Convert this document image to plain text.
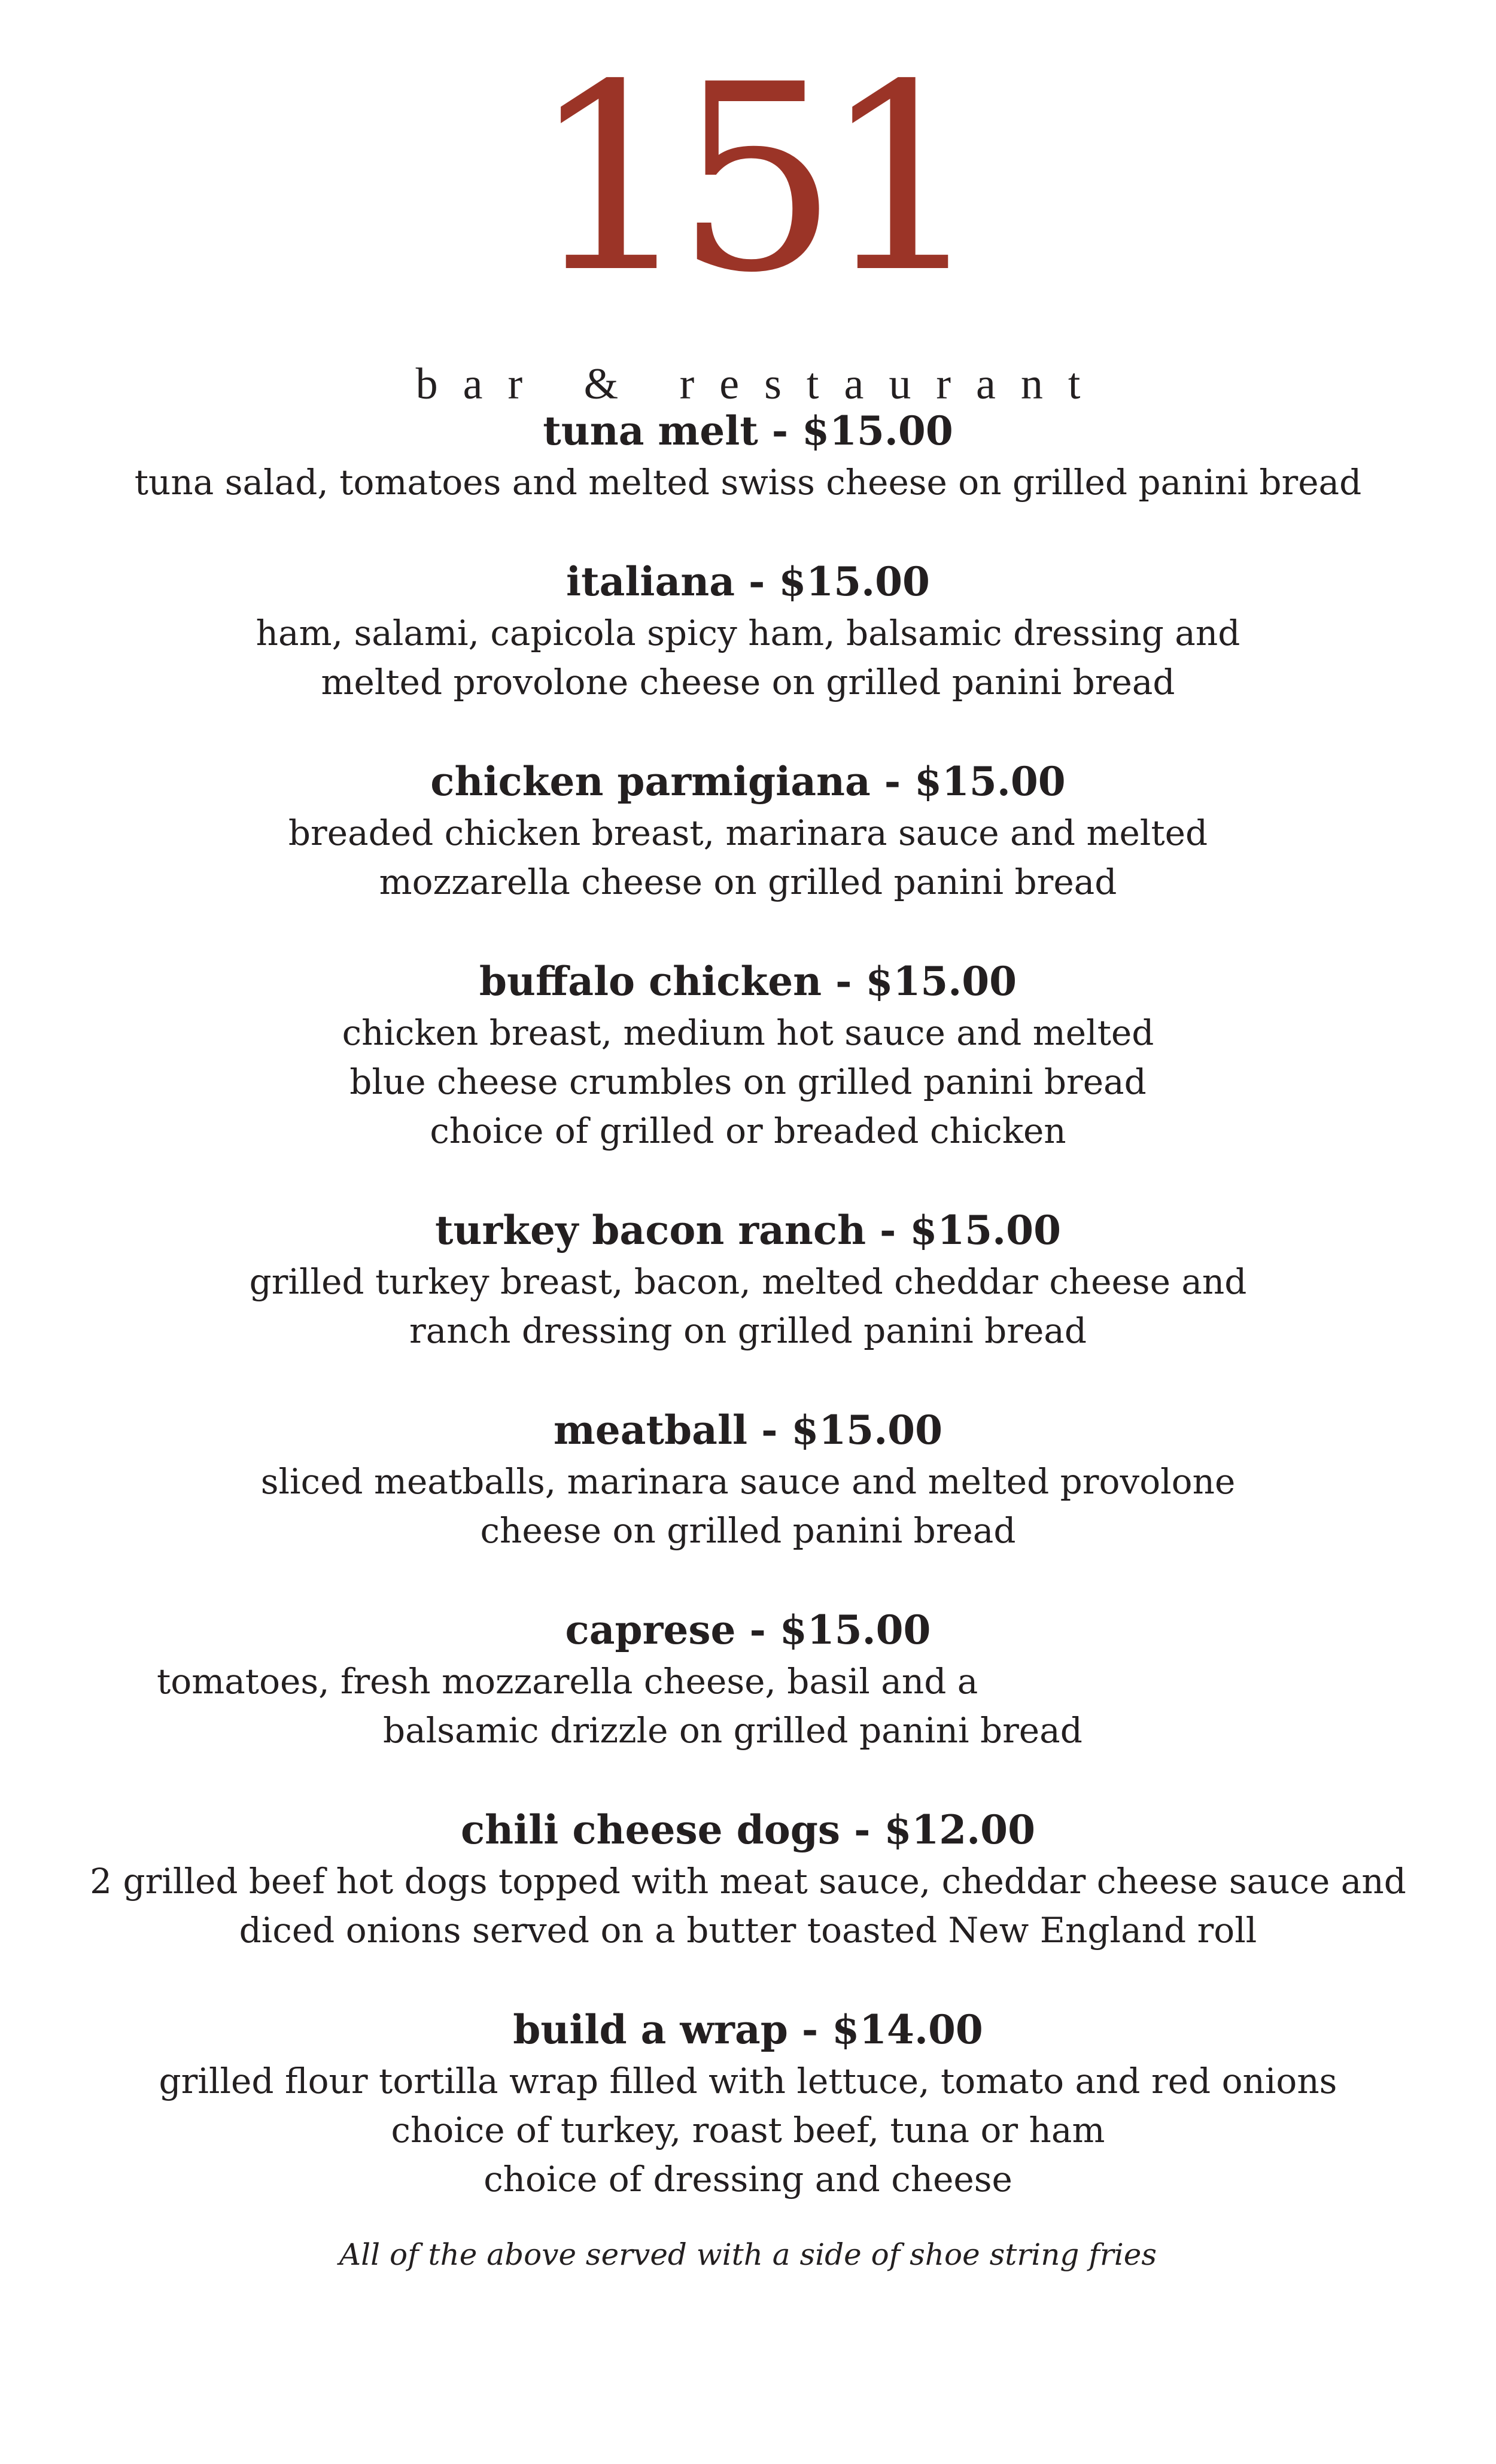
151
bar & restaurant
tuna melt - $15.00
tuna salad, tomatoes and melted swiss cheese on grilled panini bread
italiana - $15.00
ham, salami, capicola spicy ham, balsamic dressing and
melted provolone cheese on grilled panini bread
chicken parmigiana - $15.00
breaded chicken breast, marinara sauce and melted
mozzarella cheese on grilled panini bread
buffalo chicken - $15.00
chicken breast, medium hot sauce and melted
blue cheese crumbles on grilled panini bread
choice of grilled or breaded chicken
turkey bacon ranch - $15.00
grilled turkey breast, bacon, melted cheddar cheese and
ranch dressing on grilled panini bread
meatball - $15.00
sliced meatballs, marinara sauce and melted provolone
cheese on grilled panini bread
caprese - $15.00
tomatoes, fresh mozzarella cheese, basil and a
balsamic drizzle on grilled panini bread
chili cheese dogs - $12.00
2 grilled beef hot dogs topped with meat sauce, cheddar cheese sauce and
diced onions served on a butter toasted New England roll
build a wrap - $14.00
grilled flour tortilla wrap filled with lettuce, tomato and red onions
choice of turkey, roast beef, tuna or ham
choice of dressing and cheese
All of the above served with a side of shoe string fries
